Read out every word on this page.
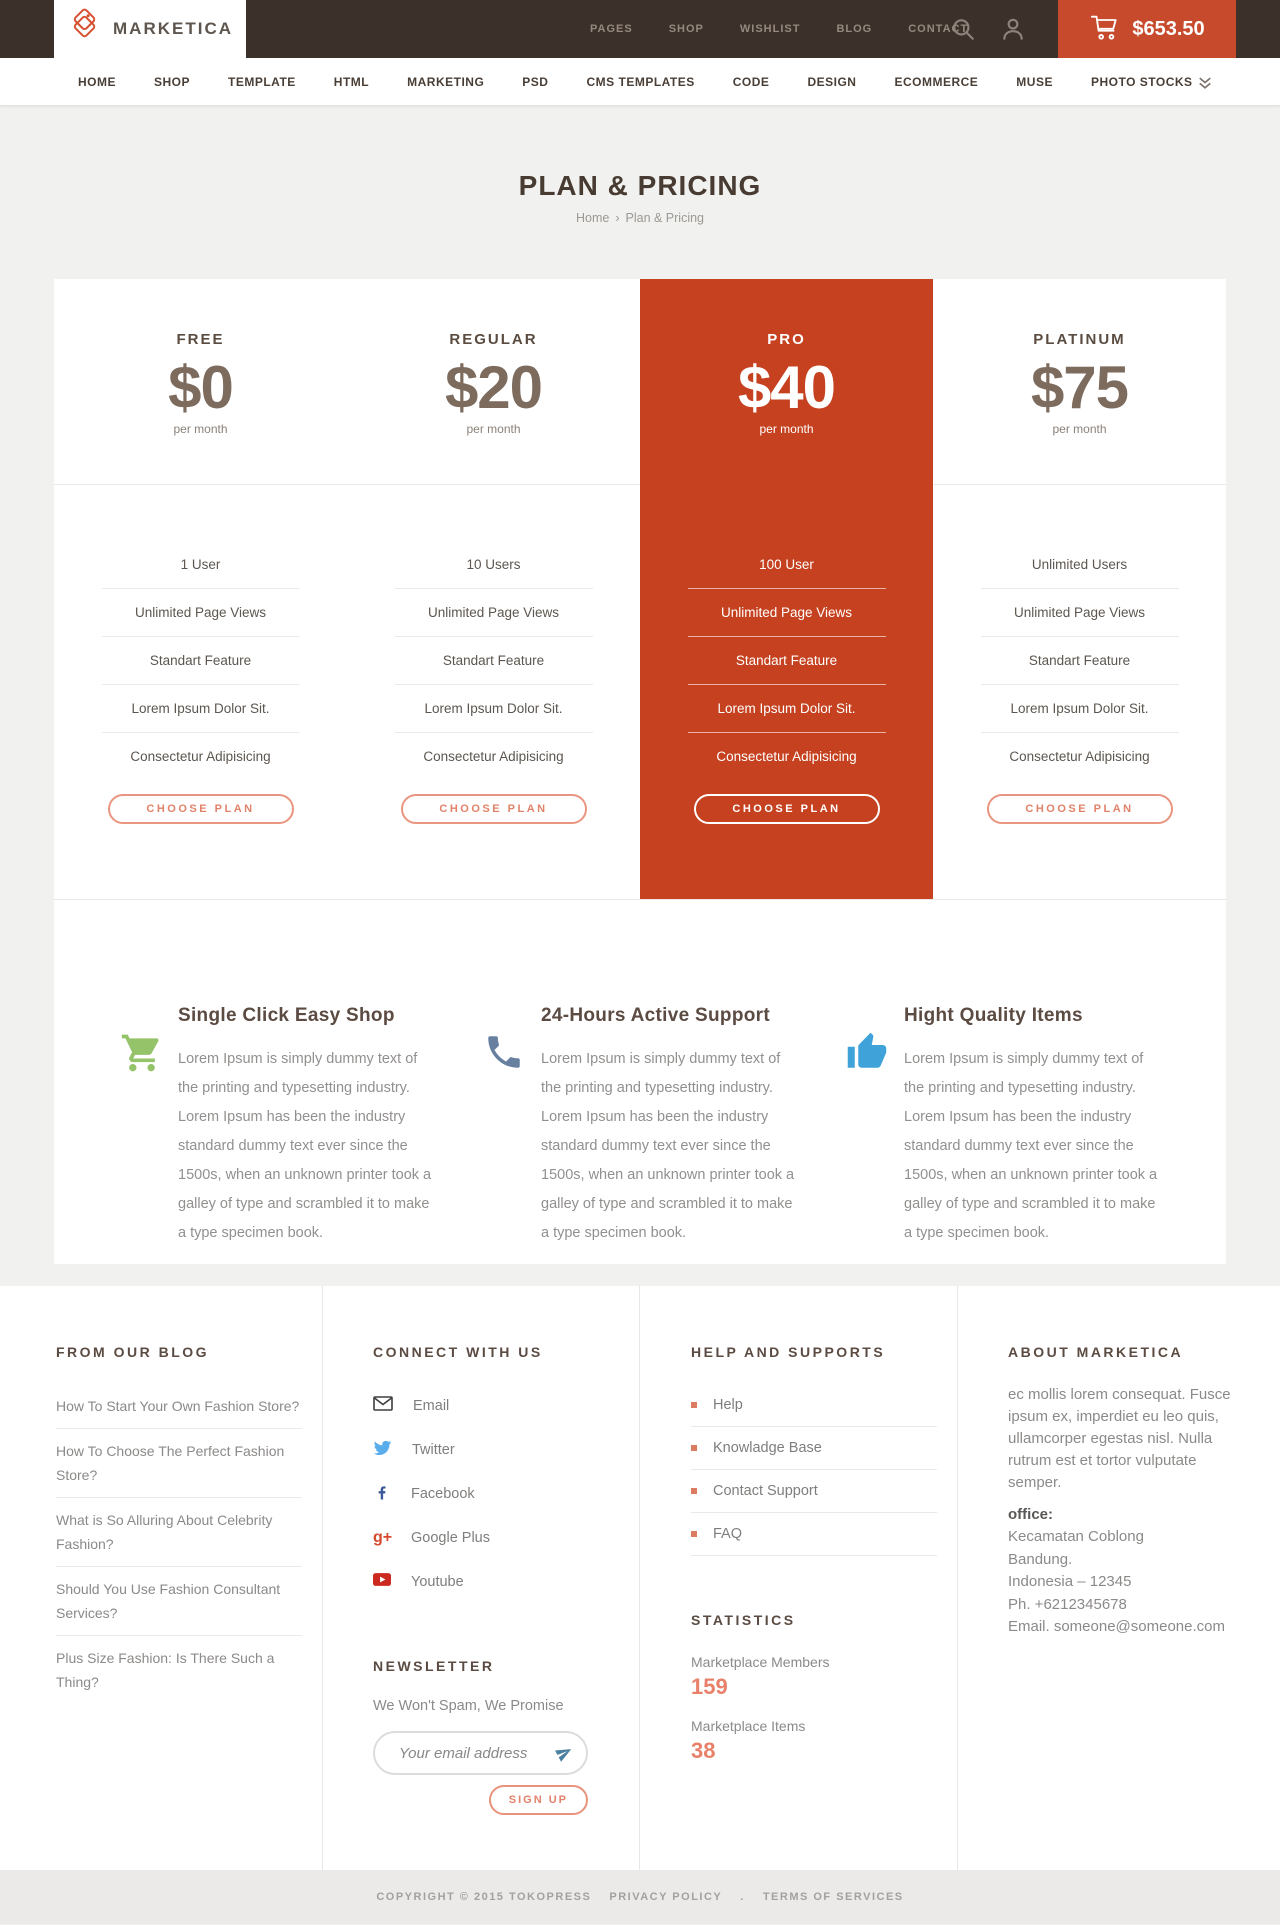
MARKETICA	PAGES	SHOP	WISHLIST	BLOG	CONTACT	$653.50
HOME	SHOP	TEMPLATE	HTML	MARKETING	PSD	CMS TEMPLATES	CODE	DESIGN	ECOMMERCE	MUSE	PHOTO STOCKS
PLAN & PRICING
Home › Plan & Pricing
FREE
$0
per month
1 User
Unlimited Page Views
Standart Feature
Lorem Ipsum Dolor Sit.
Consectetur Adipisicing
CHOOSE PLAN
REGULAR
$20
per month
10 Users
Unlimited Page Views
Standart Feature
Lorem Ipsum Dolor Sit.
Consectetur Adipisicing
CHOOSE PLAN
PRO
$40
per month
100 User
Unlimited Page Views
Standart Feature
Lorem Ipsum Dolor Sit.
Consectetur Adipisicing
CHOOSE PLAN
PLATINUM
$75
per month
Unlimited Users
Unlimited Page Views
Standart Feature
Lorem Ipsum Dolor Sit.
Consectetur Adipisicing
CHOOSE PLAN
Single Click Easy Shop

Lorem Ipsum is simply dummy text of the printing and typesetting industry. Lorem Ipsum has been the industry standard dummy text ever since the 1500s, when an unknown printer took a galley of type and scrambled it to make a type specimen book.

24-Hours Active Support

Lorem Ipsum is simply dummy text of the printing and typesetting industry. Lorem Ipsum has been the industry standard dummy text ever since the 1500s, when an unknown printer took a galley of type and scrambled it to make a type specimen book.

Hight Quality Items

Lorem Ipsum is simply dummy text of the printing and typesetting industry. Lorem Ipsum has been the industry standard dummy text ever since the 1500s, when an unknown printer took a galley of type and scrambled it to make a type specimen book.

FROM OUR BLOG
How To Start Your Own Fashion Store?
How To Choose The Perfect Fashion Store?
What is So Alluring About Celebrity Fashion?
Should You Use Fashion Consultant Services?
Plus Size Fashion: Is There Such a Thing?
CONNECT WITH US
Email
Twitter
Facebook
g+ Google Plus
Youtube
NEWSLETTER
We Won't Spam, We Promise
Your email address
SIGN UP
HELP AND SUPPORTS
Help
Knowladge Base
Contact Support
FAQ
STATISTICS
Marketplace Members
159
Marketplace Items
38
ABOUT MARKETICA

ec mollis lorem consequat. Fusce ipsum ex, imperdiet eu leo quis, ullamcorper egestas nisl. Nulla rutrum est et tortor vulputate semper.

office:

Kecamatan Coblong

Bandung.

Indonesia – 12345

Ph. +6212345678

Email. someone@someone.com

COPYRIGHT © 2015 TOKOPRESS PRIVACY POLICY . TERMS OF SERVICES
